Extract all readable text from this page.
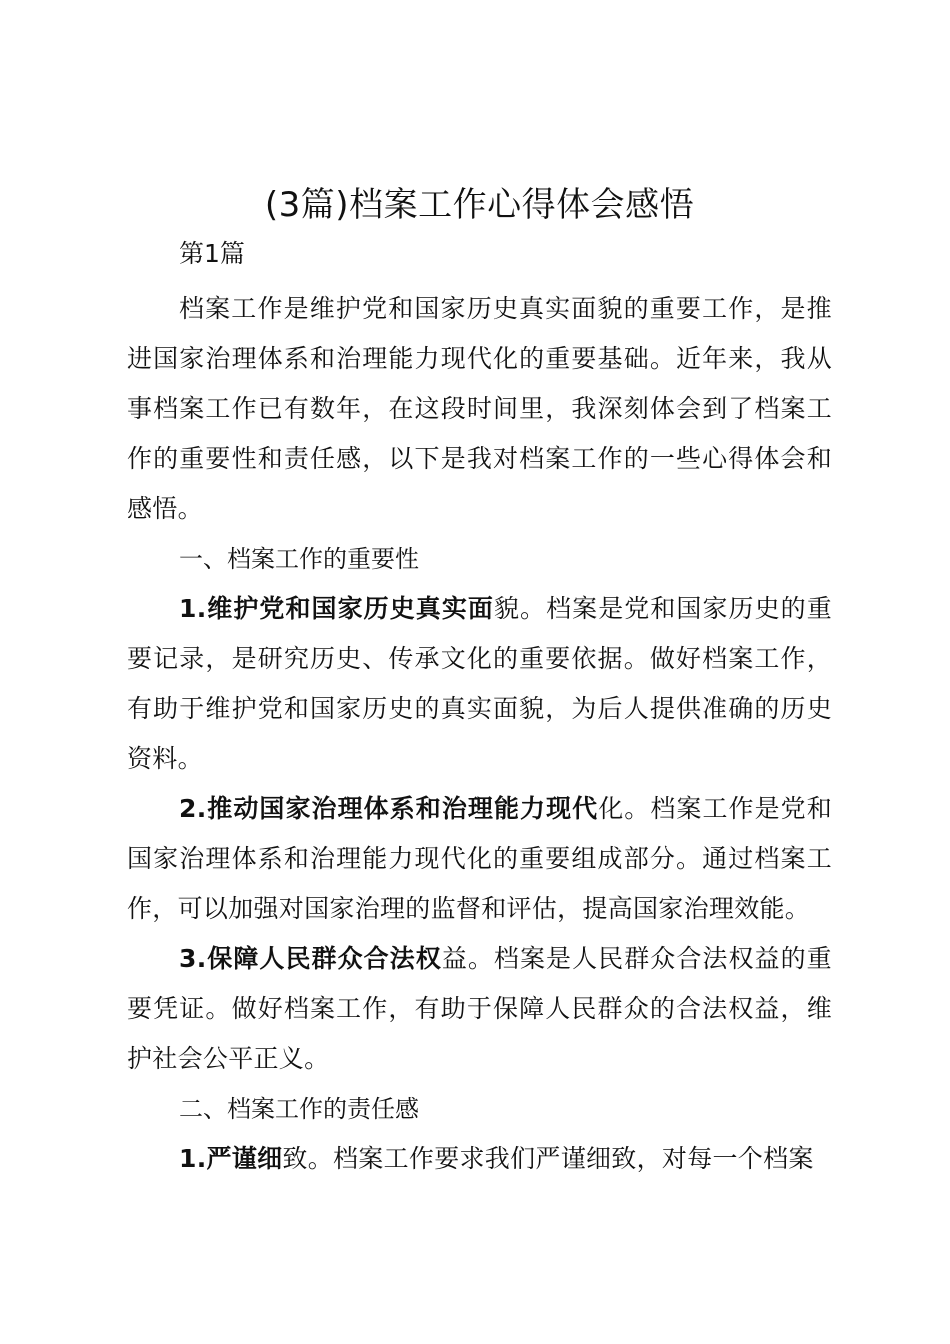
(3篇)档案工作心得体会感悟

第1篇

档案工作是维护党和国家历史真实面貌的重要工作，是推进国家治理体系和治理能力现代化的重要基础。近年来，我从事档案工作已有数年，在这段时间里，我深刻体会到了档案工作的重要性和责任感，以下是我对档案工作的一些心得体会和感悟。

一、档案工作的重要性

1.维护党和国家历史真实面貌。档案是党和国家历史的重要记录，是研究历史、传承文化的重要依据。做好档案工作，有助于维护党和国家历史的真实面貌，为后人提供准确的历史资料。

2.推动国家治理体系和治理能力现代化。档案工作是党和国家治理体系和治理能力现代化的重要组成部分。通过档案工作，可以加强对国家治理的监督和评估，提高国家治理效能。

3.保障人民群众合法权益。档案是人民群众合法权益的重要凭证。做好档案工作，有助于保障人民群众的合法权益，维护社会公平正义。

二、档案工作的责任感

1.严谨细致。档案工作要求我们严谨细致，对每一个档案
